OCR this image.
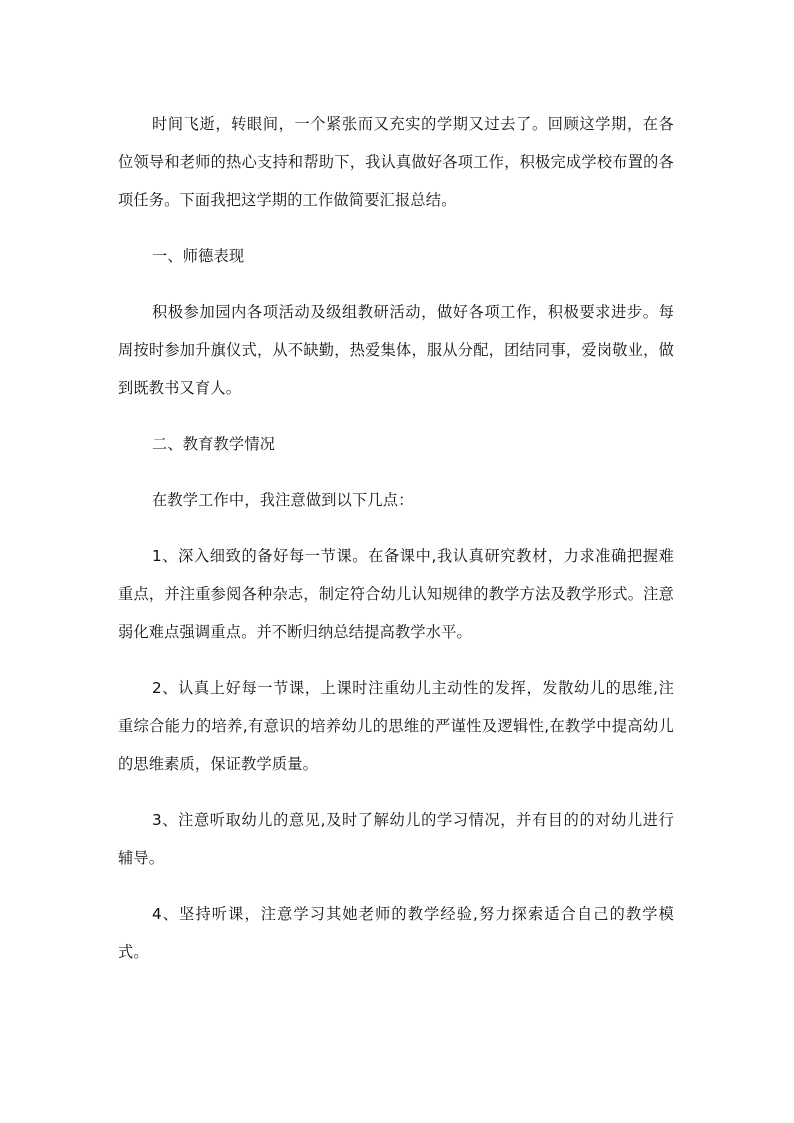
时间飞逝，转眼间，一个紧张而又充实的学期又过去了。回顾这学期，在各位领导和老师的热心支持和帮助下，我认真做好各项工作，积极完成学校布置的各项任务。下面我把这学期的工作做简要汇报总结。

一、师德表现

积极参加园内各项活动及级组教研活动，做好各项工作，积极要求进步。每周按时参加升旗仪式，从不缺勤，热爱集体，服从分配，团结同事，爱岗敬业，做到既教书又育人。

二、教育教学情况

在教学工作中，我注意做到以下几点：

1、深入细致的备好每一节课。在备课中,我认真研究教材，力求准确把握难重点，并注重参阅各种杂志，制定符合幼儿认知规律的教学方法及教学形式。注意弱化难点强调重点。并不断归纳总结提高教学水平。

2、认真上好每一节课，上课时注重幼儿主动性的发挥，发散幼儿的思维,注重综合能力的培养,有意识的培养幼儿的思维的严谨性及逻辑性,在教学中提高幼儿的思维素质，保证教学质量。

3、注意听取幼儿的意见,及时了解幼儿的学习情况，并有目的的对幼儿进行辅导。

4、坚持听课，注意学习其她老师的教学经验,努力探索适合自己的教学模式。
